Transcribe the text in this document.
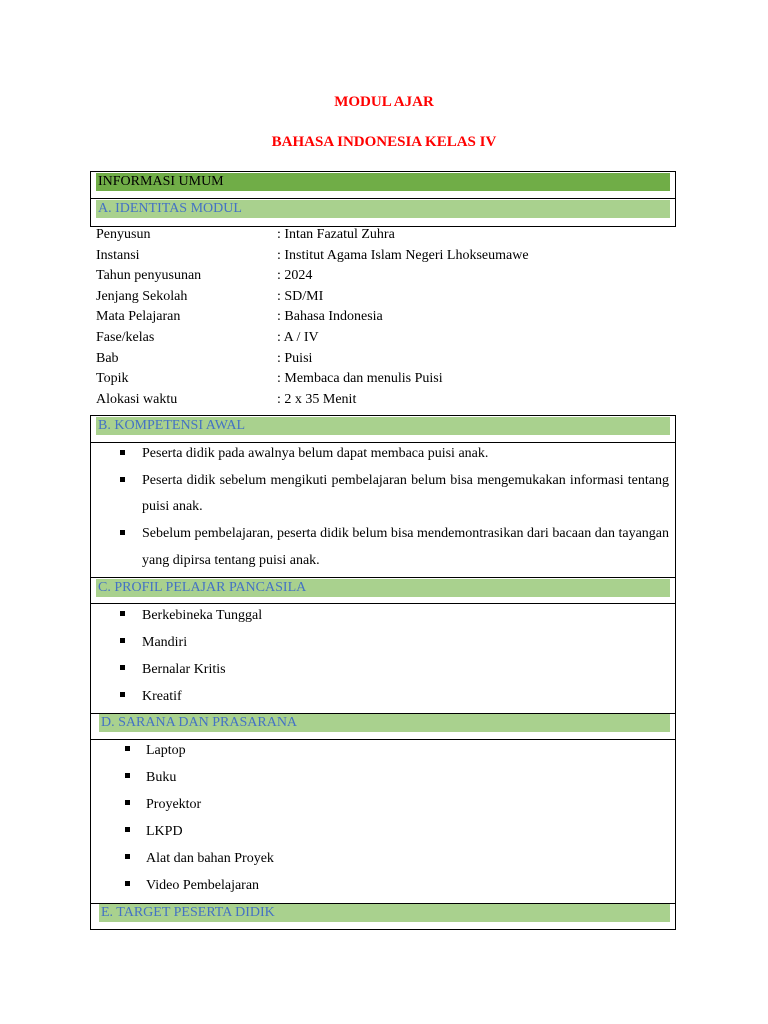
MODUL AJAR
BAHASA INDONESIA KELAS IV
INFORMASI UMUM
A. IDENTITAS MODUL
Penyusun	: Intan Fazatul Zuhra
Instansi	: Institut Agama Islam Negeri Lhokseumawe
Tahun penyusunan	: 2024
Jenjang Sekolah	: SD/MI
Mata Pelajaran	: Bahasa Indonesia
Fase/kelas	: A / IV
Bab	: Puisi
Topik	: Membaca dan menulis Puisi
Alokasi waktu	: 2 x 35 Menit
B. KOMPETENSI AWAL
Peserta didik pada awalnya belum dapat membaca puisi anak.
Peserta didik sebelum mengikuti pembelajaran belum bisa mengemukakan informasi tentang puisi anak.
Sebelum pembelajaran, peserta didik belum bisa mendemontrasikan dari bacaan dan tayangan yang dipirsa tentang puisi anak.
C. PROFIL PELAJAR PANCASILA
Berkebineka Tunggal
Mandiri
Bernalar Kritis
Kreatif
D. SARANA DAN PRASARANA
Laptop
Buku
Proyektor
LKPD
Alat dan bahan Proyek
Video Pembelajaran
E. TARGET PESERTA DIDIK
